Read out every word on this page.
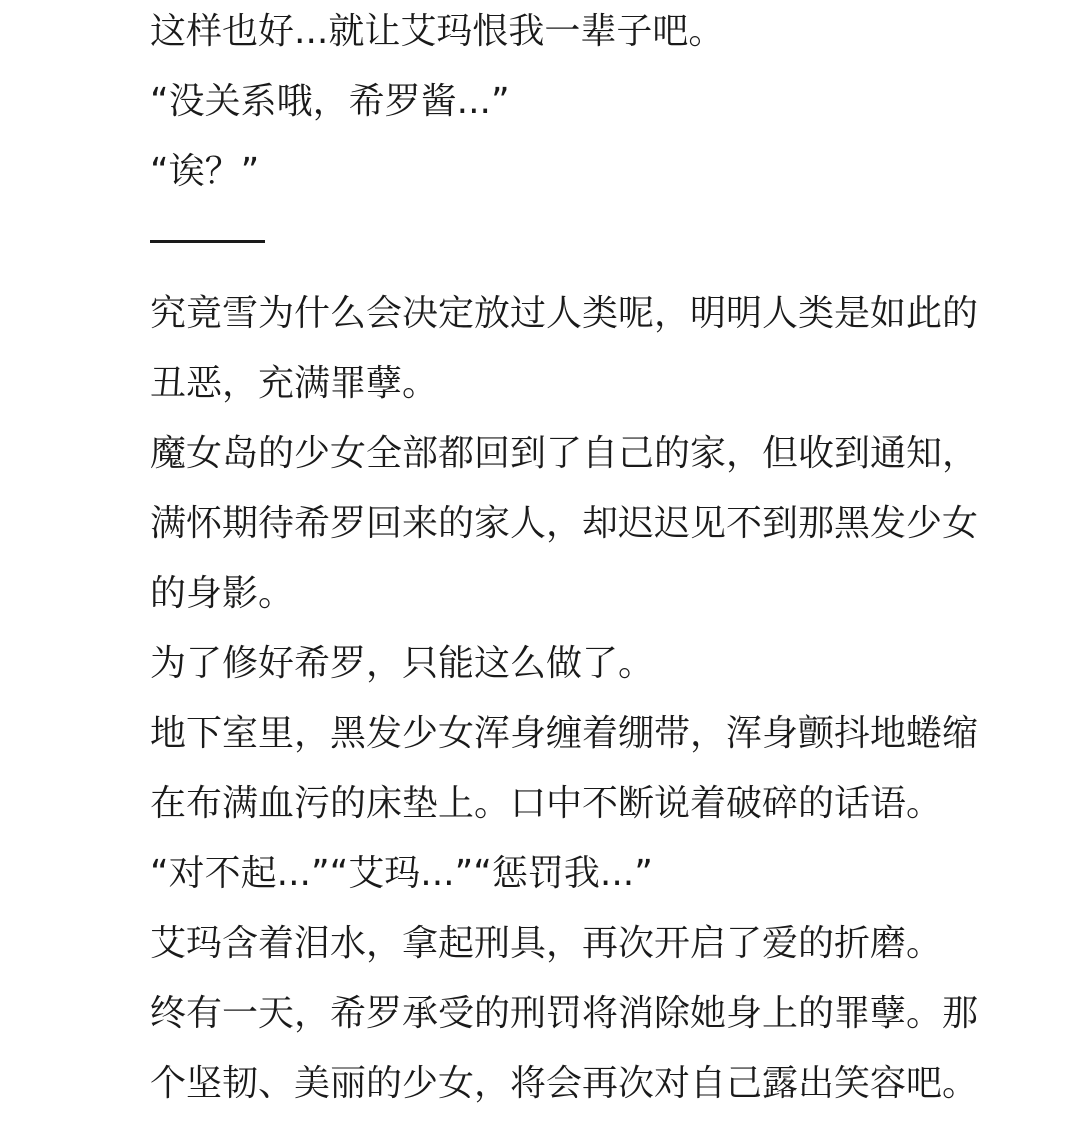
这样也好...就让艾玛恨我一辈子吧。
“没关系哦，希罗酱...”
“诶？”
究竟雪为什么会决定放过人类呢，明明人类是如此的
丑恶，充满罪孽。
魔女岛的少女全部都回到了自己的家，但收到通知，
满怀期待希罗回来的家人，却迟迟见不到那黑发少女
的身影。
为了修好希罗，只能这么做了。
地下室里，黑发少女浑身缠着绷带，浑身颤抖地蜷缩
在布满血污的床垫上。口中不断说着破碎的话语。
“对不起...”“艾玛...”“惩罚我...”
艾玛含着泪水，拿起刑具，再次开启了爱的折磨。
终有一天，希罗承受的刑罚将消除她身上的罪孽。那
个坚韧、美丽的少女，将会再次对自己露出笑容吧。
